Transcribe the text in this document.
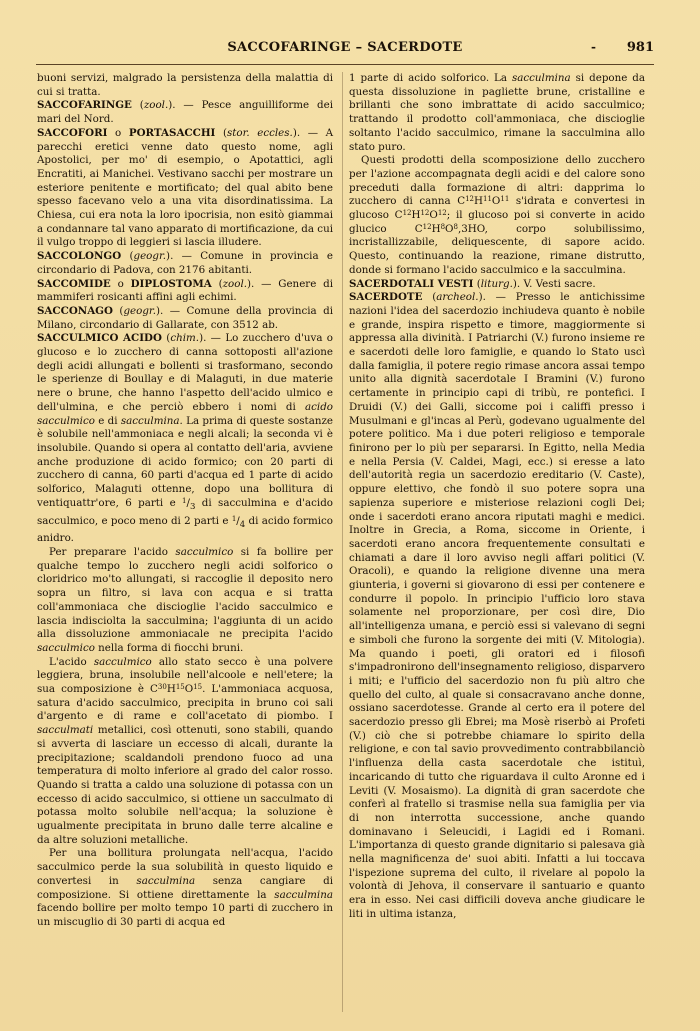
SACCOFARINGE – SACERDOTE	- 981

buoni servizi, malgrado la persistenza della malattia di cui si tratta.

SACCOFARINGE (zool.). — Pesce anguilliforme dei mari del Nord.

SACCOFORI o PORTASACCHI (stor. eccles.). — A parecchi eretici venne dato questo nome, agli Apostolici, per mo' di esempio, o Apotattici, agli Encratiti, ai Manichei. Vestivano sacchi per mostrare un esteriore penitente e mortificato; del qual abito bene spesso facevano velo a una vita disordinatissima. La Chiesa, cui era nota la loro ipocrisia, non esitò giammai a condannare tal vano apparato di mortificazione, da cui il vulgo troppo di leggieri si lascia illudere.

SACCOLONGO (geogr.). — Comune in provincia e circondario di Padova, con 2176 abitanti.

SACCOMIDE o DIPLOSTOMA (zool.). — Genere di mammiferi rosicanti affini agli echimi.

SACCONAGO (geogr.). — Comune della provincia di Milano, circondario di Gallarate, con 3512 ab.

SACCULMICO ACIDO (chim.). — Lo zucchero d'uva o glucoso e lo zucchero di canna sottoposti all'azione degli acidi allungati e bollenti si trasformano, secondo le sperienze di Boullay e di Malaguti, in due materie nere o brune, che hanno l'aspetto dell'acido ulmico e dell'ulmina, e che perciò ebbero i nomi di acido sacculmico e di sacculmina. La prima di queste sostanze è solubile nell'ammoniaca e negli alcali; la seconda vi è insolubile. Quando si opera al contatto dell'aria, avviene anche produzione di acido formico; con 20 parti di zucchero di canna, 60 parti d'acqua ed 1 parte di acido solforico, Malaguti ottenne, dopo una bollitura di ventiquattr'ore, 6 parti e $^1/_3$ di sacculmina e d'acido sacculmico, e poco meno di 2 parti e $^1/_4$ di acido formico anidro.

Per preparare l'acido sacculmico si fa bollire per qualche tempo lo zucchero negli acidi solforico o cloridrico mo'to allungati, si raccoglie il deposito nero sopra un filtro, si lava con acqua e si tratta coll'ammoniaca che discioglie l'acido sacculmico e lascia indisciolta la sacculmina; l'aggiunta di un acido alla dissoluzione ammoniacale ne precipita l'acido sacculmico nella forma di fiocchi bruni.

L'acido sacculmico allo stato secco è una polvere leggiera, bruna, insolubile nell'alcoole e nell'etere; la sua composizione è $C^{30}H^{15}O^{15}$. L'ammoniaca acquosa, satura d'acido sacculmico, precipita in bruno coi sali d'argento e di rame e coll'acetato di piombo. I sacculmati metallici, così ottenuti, sono stabili, quando si avverta di lasciare un eccesso di alcali, durante la precipitazione; scaldandoli prendono fuoco ad una temperatura di molto inferiore al grado del calor rosso. Quando si tratta a caldo una soluzione di potassa con un eccesso di acido sacculmico, si ottiene un sacculmato di potassa molto solubile nell'acqua; la soluzione è ugualmente precipitata in bruno dalle terre alcaline e da altre soluzioni metalliche.

Per una bollitura prolungata nell'acqua, l'acido sacculmico perde la sua solubilità in questo liquido e convertesi in sacculmina senza cangiare di composizione. Si ottiene direttamente la sacculmina facendo bollire per molto tempo 10 parti di zucchero in un miscuglio di 30 parti di acqua ed

1 parte di acido solforico. La sacculmina si depone da questa dissoluzione in pagliette brune, cristalline e brillanti che sono imbrattate di acido sacculmico; trattando il prodotto coll'ammoniaca, che discioglie soltanto l'acido sacculmico, rimane la sacculmina allo stato puro.

Questi prodotti della scomposizione dello zucchero per l'azione accompagnata degli acidi e del calore sono preceduti dalla formazione di altri: dapprima lo zucchero di canna $C^{12}H^{11}O^{11}$ s'idrata e convertesi in glucoso $C^{12}H^{12}O^{12}$; il glucoso poi si converte in acido glucico $C^{12}H^8O^8,3HO$, corpo solubilissimo, incristallizzabile, deliquescente, di sapore acido. Questo, continuando la reazione, rimane distrutto, donde si formano l'acido sacculmico e la sacculmina.

SACERDOTALI VESTI (liturg.). V. Vesti sacre.

SACERDOTE (archeol.). — Presso le antichissime nazioni l'idea del sacerdozio inchiudeva quanto è nobile e grande, inspira rispetto e timore, maggiormente si appressa alla divinità. I Patriarchi (V.) furono insieme re e sacerdoti delle loro famiglie, e quando lo Stato uscì dalla famiglia, il potere regio rimase ancora assai tempo unito alla dignità sacerdotale I Bramini (V.) furono certamente in principio capi di tribù, re pontefici. I Druidi (V.) dei Galli, siccome poi i califfi presso i Musulmani e gl'incas al Perù, godevano ugualmente del potere politico. Ma i due poteri religioso e temporale finirono per lo più per separarsi. In Egitto, nella Media e nella Persia (V. Caldei, Magi, ecc.) si eresse a lato dell'autorità regia un sacerdozio ereditario (V. Caste), oppure elettivo, che fondò il suo potere sopra una sapienza superiore e misteriose relazioni cogli Dei; onde i sacerdoti erano ancora riputati maghi e medici. Inoltre in Grecia, a Roma, siccome in Oriente, i sacerdoti erano ancora frequentemente consultati e chiamati a dare il loro avviso negli affari politici (V. Oracoli), e quando la religione divenne una mera giunteria, i governi si giovarono di essi per contenere e condurre il popolo. In principio l'ufficio loro stava solamente nel proporzionare, per così dire, Dio all'intelligenza umana, e perciò essi si valevano di segni e simboli che furono la sorgente dei miti (V. Mitologia). Ma quando i poeti, gli oratori ed i filosofi s'impadronirono dell'insegnamento religioso, disparvero i miti; e l'ufficio del sacerdozio non fu più altro che quello del culto, al quale si consacravano anche donne, ossiano sacerdotesse. Grande al certo era il potere del sacerdozio presso gli Ebrei; ma Mosè riserbò ai Profeti (V.) ciò che si potrebbe chiamare lo spirito della religione, e con tal savio provvedimento contrabbilanciò l'influenza della casta sacerdotale che istituì, incaricando di tutto che riguardava il culto Aronne ed i Leviti (V. Mosaismo). La dignità di gran sacerdote che conferì al fratello si trasmise nella sua famiglia per via di non interrotta successione, anche quando dominavano i Seleucidi, i Lagidi ed i Romani. L'importanza di questo grande dignitario si palesava già nella magnificenza de' suoi abiti. Infatti a lui toccava l'ispezione suprema del culto, il rivelare al popolo la volontà di Jehova, il conservare il santuario e quanto era in esso. Nei casi difficili doveva anche giudicare le liti in ultima istanza,
